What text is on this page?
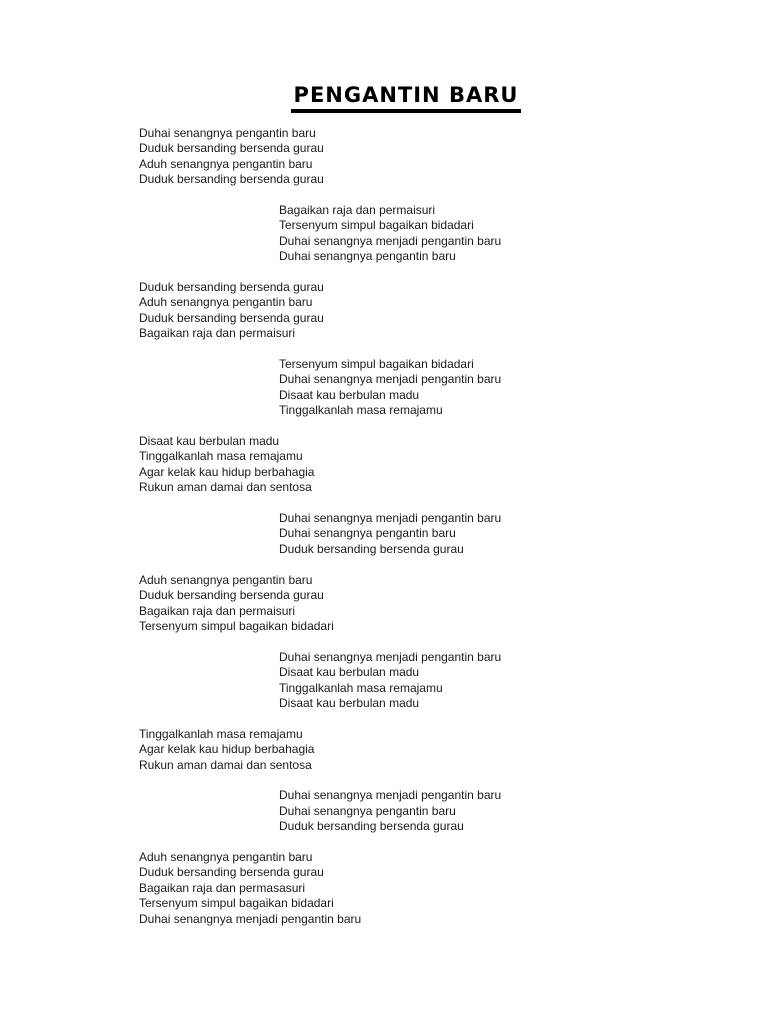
PENGANTIN BARU

Duhai senangnya pengantin baru

Duduk bersanding bersenda gurau

Aduh senangnya pengantin baru

Duduk bersanding bersenda gurau

Bagaikan raja dan permaisuri

Tersenyum simpul bagaikan bidadari

Duhai senangnya menjadi pengantin baru

Duhai senangnya pengantin baru

Duduk bersanding bersenda gurau

Aduh senangnya pengantin baru

Duduk bersanding bersenda gurau

Bagaikan raja dan permaisuri

Tersenyum simpul bagaikan bidadari

Duhai senangnya menjadi pengantin baru

Disaat kau berbulan madu

Tinggalkanlah masa remajamu

Disaat kau berbulan madu

Tinggalkanlah masa remajamu

Agar kelak kau hidup berbahagia

Rukun aman damai dan sentosa

Duhai senangnya menjadi pengantin baru

Duhai senangnya pengantin baru

Duduk bersanding bersenda gurau

Aduh senangnya pengantin baru

Duduk bersanding bersenda gurau

Bagaikan raja dan permaisuri

Tersenyum simpul bagaikan bidadari

Duhai senangnya menjadi pengantin baru

Disaat kau berbulan madu

Tinggalkanlah masa remajamu

Disaat kau berbulan madu

Tinggalkanlah masa remajamu

Agar kelak kau hidup berbahagia

Rukun aman damai dan sentosa

Duhai senangnya menjadi pengantin baru

Duhai senangnya pengantin baru

Duduk bersanding bersenda gurau

Aduh senangnya pengantin baru

Duduk bersanding bersenda gurau

Bagaikan raja dan permasasuri

Tersenyum simpul bagaikan bidadari

Duhai senangnya menjadi pengantin baru
